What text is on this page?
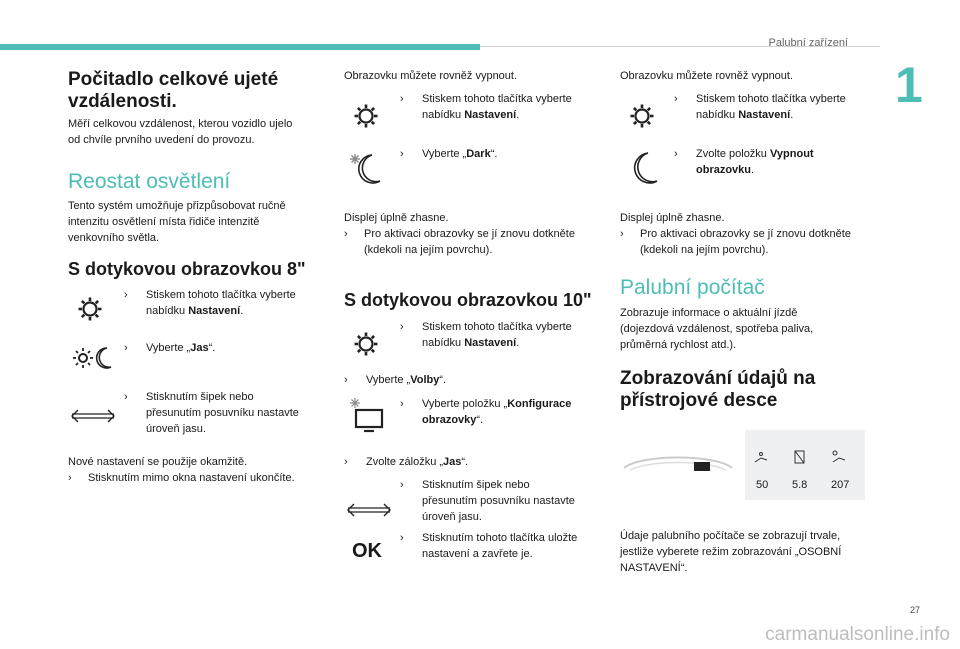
Palubní zařízení
1
Počitadlo celkové ujeté
vzdálenosti.

Měří celkovou vzdálenost, kterou vozidlo ujelo

od chvíle prvního uvedení do provozu.

Reostat osvětlení

Tento systém umožňuje přizpůsobovat ručně

intenzitu osvětlení místa řidiče intenzitě

venkovního světla.

S dotykovou obrazovkou 8"
›	Stiskem tohoto tlačítka vyberte
nabídku Nastavení.
›	Vyberte „Jas“.
›	Stisknutím šipek nebo
přesunutím posuvníku nastavte
úroveň jasu.

Nové nastavení se použije okamžitě.

›	Stisknutím mimo okna nastavení ukončíte.

Obrazovku můžete rovněž vypnout.

›	Stiskem tohoto tlačítka vyberte
nabídku Nastavení.
›	Vyberte „Dark“.

Displej úplně zhasne.

›	Pro aktivaci obrazovky se jí znovu dotkněte
(kdekoli na jejím povrchu).
S dotykovou obrazovkou 10"
›	Stiskem tohoto tlačítka vyberte
nabídku Nastavení.
›	Vyberte „Volby“.
›	Vyberte položku „Konfigurace
obrazovky“.
›	Zvolte záložku „Jas“.
›	Stisknutím šipek nebo
přesunutím posuvníku nastavte
úroveň jasu.
OK
›	Stisknutím tohoto tlačítka uložte
nastavení a zavřete je.

Obrazovku můžete rovněž vypnout.

›	Stiskem tohoto tlačítka vyberte
nabídku Nastavení.
›	Zvolte položku Vypnout
obrazovku.

Displej úplně zhasne.

›	Pro aktivaci obrazovky se jí znovu dotkněte
(kdekoli na jejím povrchu).
Palubní počítač

Zobrazuje informace o aktuální jízdě

(dojezdová vzdálenost, spotřeba paliva,

průměrná rychlost atd.).

Zobrazování údajů na
přístrojové desce
50 5.8 207

Údaje palubního počítače se zobrazují trvale,

jestliže vyberete režim zobrazování „OSOBNÍ

NASTAVENÍ“.

27
carmanualsonline.info
